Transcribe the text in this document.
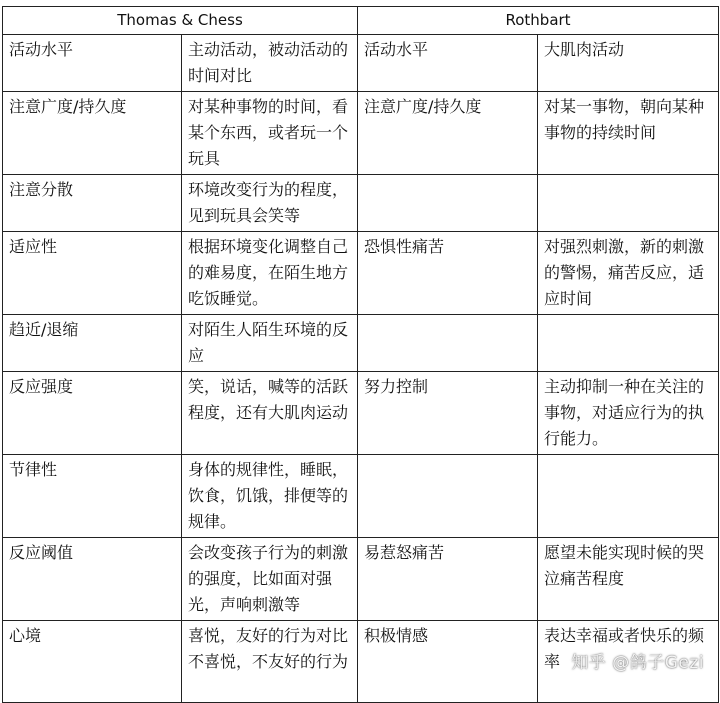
Thomas & Chess		Rothbart	
活动水平	主动活动，被动活动的时间对比	活动水平	大肌肉活动
注意广度/持久度	对某种事物的时间，看某个东西，或者玩一个玩具	注意广度/持久度	对某一事物，朝向某种事物的持续时间
注意分散	环境改变行为的程度，见到玩具会笑等		
适应性	根据环境变化调整自己的难易度，在陌生地方吃饭睡觉。	恐惧性痛苦	对强烈刺激，新的刺激的警惕，痛苦反应，适应时间
趋近/退缩	对陌生人陌生环境的反应		
反应强度	笑，说话，喊等的活跃程度，还有大肌肉运动	努力控制	主动抑制一种在关注的事物，对适应行为的执行能力。
节律性	身体的规律性，睡眠，饮食，饥饿，排便等的规律。		
反应阈值	会改变孩子行为的刺激的强度，比如面对强光，声响刺激等	易惹怒痛苦	愿望未能实现时候的哭泣痛苦程度
心境	喜悦，友好的行为对比不喜悦，不友好的行为	积极情感	表达幸福或者快乐的频率 知乎 @鸽子Gezi
